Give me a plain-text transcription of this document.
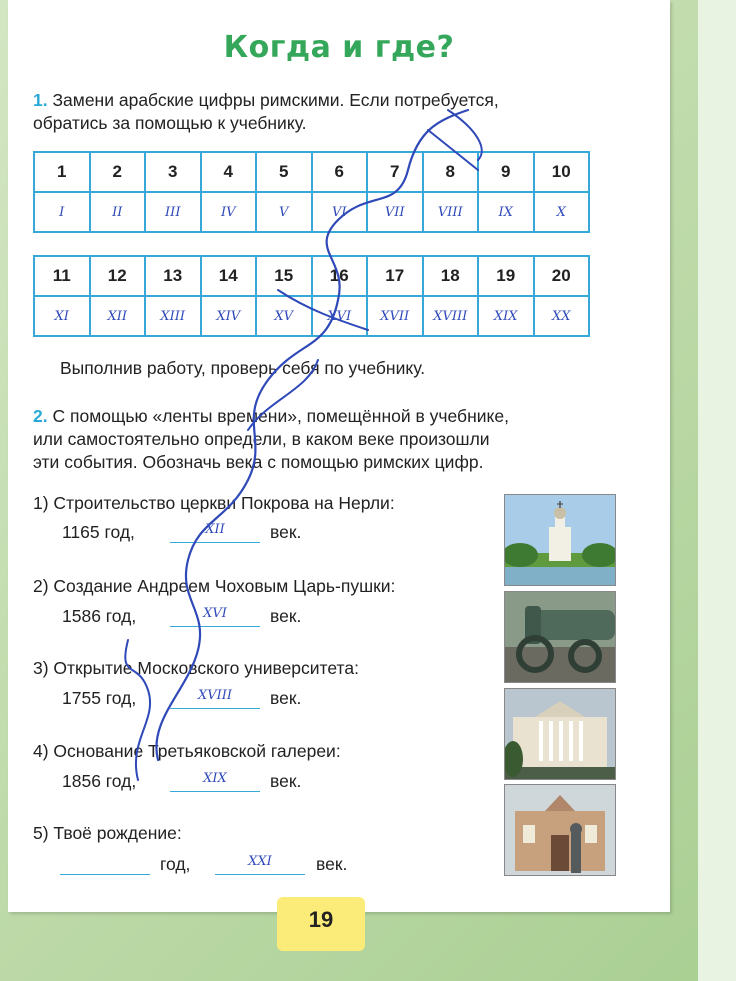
Когда и где?
1. Замени арабские цифры римскими. Если потребуется,
обратись за помощью к учебнику.
1	2	3	4	5	6	7	8	9	10
I	II	III	IV	V	VI	VII	VIII	IX	X
11	12	13	14	15	16	17	18	19	20
XI	XII	XIII	XIV	XV	XVI	XVII	XVIII	XIX	XX
Выполнив работу, проверь себя по учебнику.
2. С помощью «ленты времени», помещённой в учебнике,
или самостоятельно определи, в каком веке произошли
эти события. Обозначь века с помощью римских цифр.
1) Строительство церкви Покрова на Нерли:
1165 год,	XII	век.
2) Создание Андреем Чоховым Царь-пушки:
1586 год,	XVI	век.
3) Открытие Московского университета:
1755 год,	XVIII	век.
4) Основание Третьяковской галереи:
1856 год,	XIX	век.
5) Твоё рождение:
год,	XXI	век.
19
